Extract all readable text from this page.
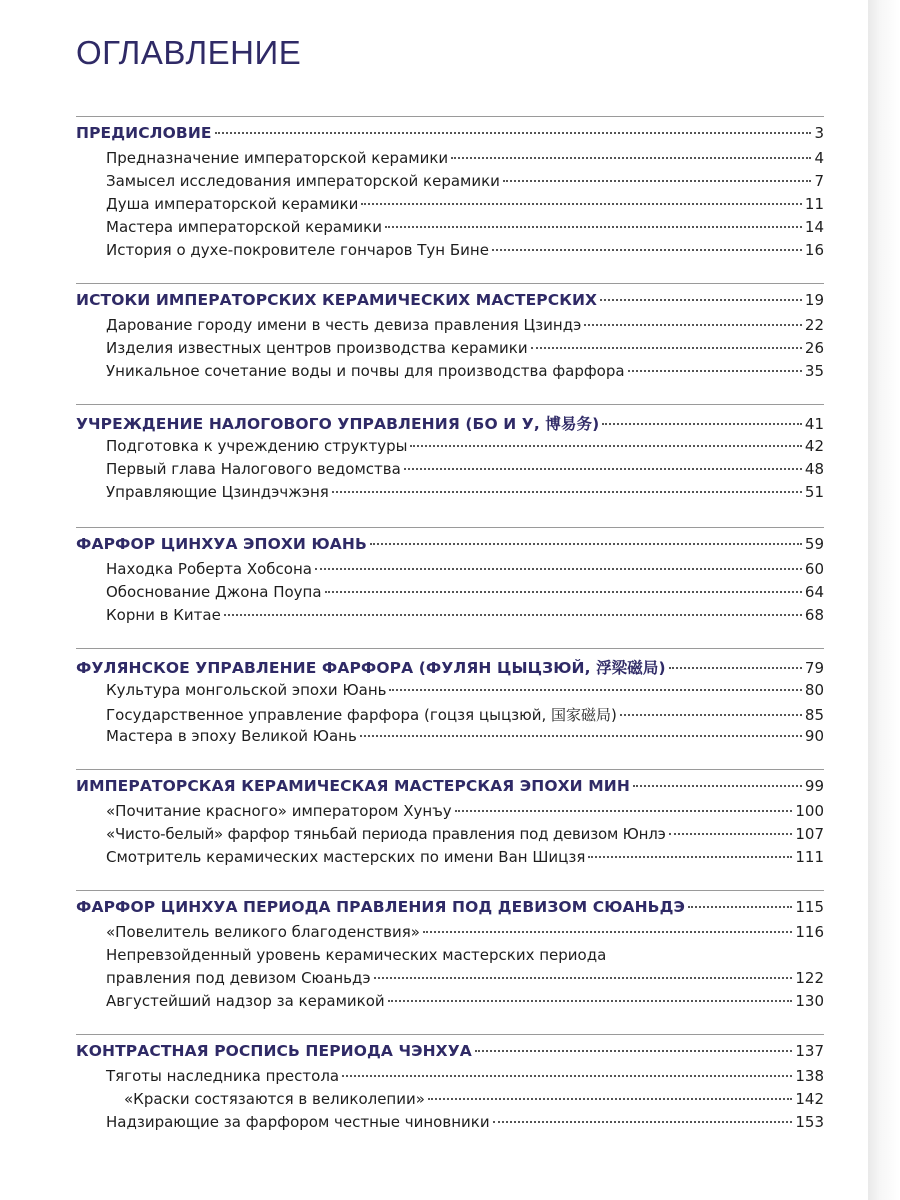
ОГЛАВЛЕНИЕ
ПРЕДИСЛОВИЕ	3
Предназначение императорской керамики	4
Замысел исследования императорской керамики	7
Душа императорской керамики	11
Мастера императорской керамики	14
История о духе-покровителе гончаров Тун Бине	16
ИСТОКИ ИМПЕРАТОРСКИХ КЕРАМИЧЕСКИХ МАСТЕРСКИХ	19
Дарование городу имени в честь девиза правления Цзиндэ	22
Изделия известных центров производства керамики	26
Уникальное сочетание воды и почвы для производства фарфора	35
УЧРЕЖДЕНИЕ НАЛОГОВОГО УПРАВЛЕНИЯ (БО И У, 博易务)	41
Подготовка к учреждению структуры	42
Первый глава Налогового ведомства	48
Управляющие Цзиндэчжэня	51
ФАРФОР ЦИНХУА ЭПОХИ ЮАНЬ	59
Находка Роберта Хобсона	60
Обоснование Джона Поупа	64
Корни в Китае	68
ФУЛЯНСКОЕ УПРАВЛЕНИЕ ФАРФОРА (ФУЛЯН ЦЫЦЗЮЙ, 浮梁磁局)	79
Культура монгольской эпохи Юань	80
Государственное управление фарфора (гоцзя цыцзюй, 国家磁局)	85
Мастера в эпоху Великой Юань	90
ИМПЕРАТОРСКАЯ КЕРАМИЧЕСКАЯ МАСТЕРСКАЯ ЭПОХИ МИН	99
«Почитание красного» императором Хунъу	100
«Чисто-белый» фарфор тяньбай периода правления под девизом Юнлэ	107
Смотритель керамических мастерских по имени Ван Шицзя	111
ФАРФОР ЦИНХУА ПЕРИОДА ПРАВЛЕНИЯ ПОД ДЕВИЗОМ СЮАНЬДЭ	115
«Повелитель великого благоденствия»	116
Непревзойденный уровень керамических мастерских периода
правления под девизом Сюаньдэ	122
Августейший надзор за керамикой	130
КОНТРАСТНАЯ РОСПИСЬ ПЕРИОДА ЧЭНХУА	137
Тяготы наследника престола	138
«Краски состязаются в великолепии»	142
Надзирающие за фарфором честные чиновники	153
